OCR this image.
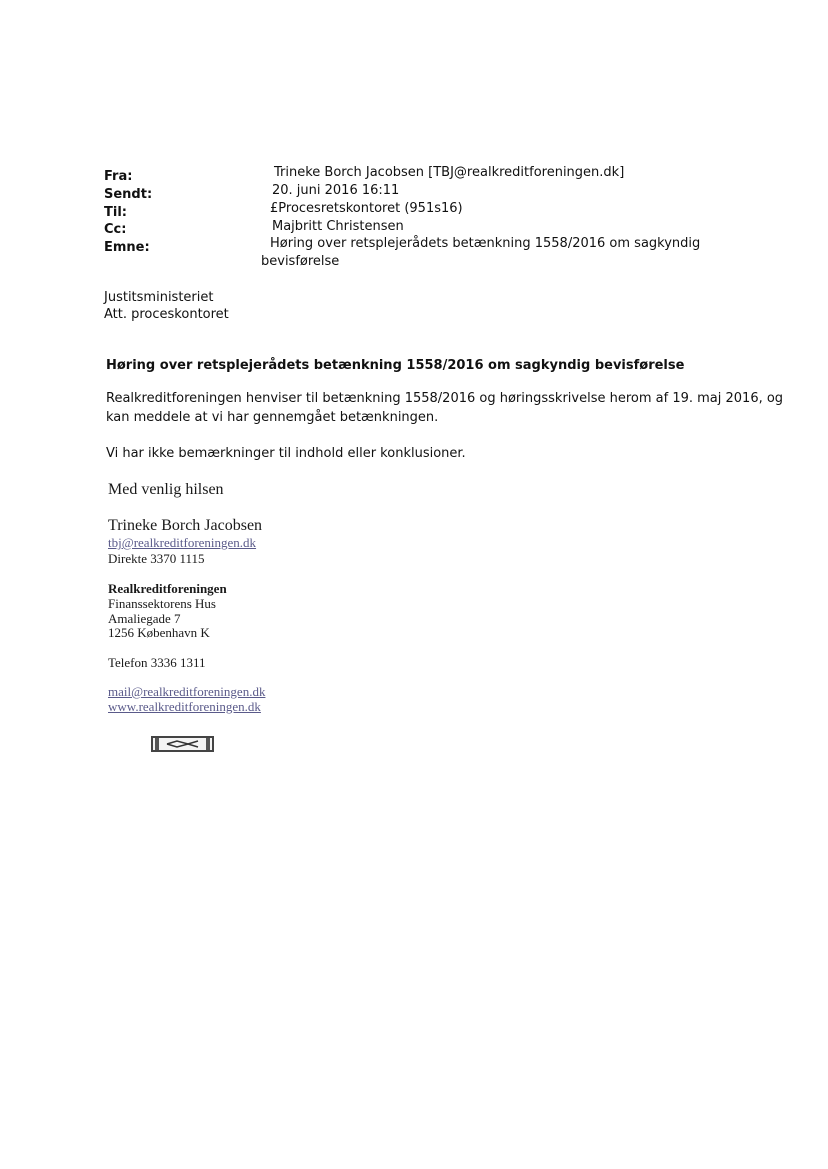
Fra:	Trineke Borch Jacobsen [TBJ@realkreditforeningen.dk]
Sendt:	20. juni 2016 16:11
Til:	£Procesretskontoret (951s16)
Cc:	Majbritt Christensen
Emne:	Høring over retsplejerådets betænkning 1558/2016 om sagkyndig
bevisførelse
Justitsministeriet
Att. proceskontoret
Høring over retsplejerådets betænkning 1558/2016 om sagkyndig bevisførelse
Realkreditforeningen henviser til betænkning 1558/2016 og høringsskrivelse herom af 19. maj 2016, og
kan meddele at vi har gennemgået betænkningen.
Vi har ikke bemærkninger til indhold eller konklusioner.
Med venlig hilsen
Trineke Borch Jacobsen
tbj@realkreditforeningen.dk
Direkte 3370 1115
Realkreditforeningen
Finanssektorens Hus
Amaliegade 7
1256 København K
Telefon 3336 1311
mail@realkreditforeningen.dk
www.realkreditforeningen.dk
